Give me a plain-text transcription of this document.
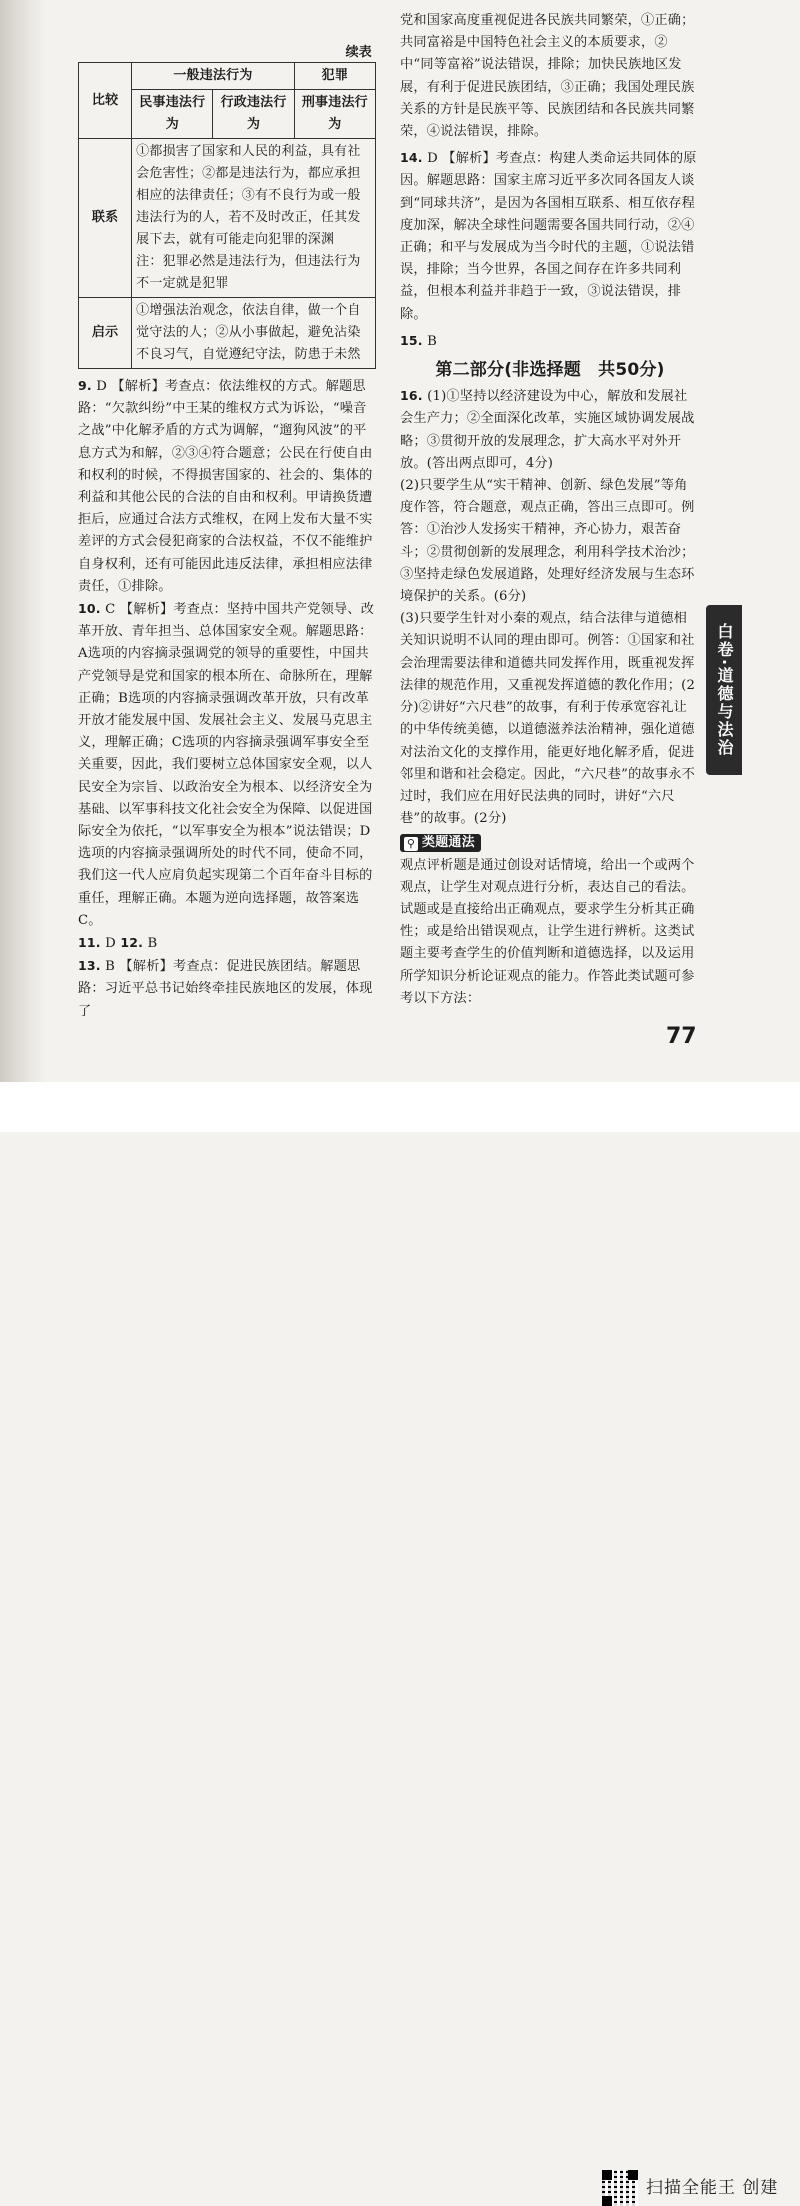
续表
比较	一般违法行为		犯罪
	民事违法行为	行政违法行为	刑事违法行为
联系	①都损害了国家和人民的利益，具有社会危害性；②都是违法行为，都应承担相应的法律责任；③有不良行为或一般违法行为的人，若不及时改正，任其发展下去，就有可能走向犯罪的深渊
注：犯罪必然是违法行为，但违法行为不一定就是犯罪		
启示	①增强法治观念，依法自律，做一个自觉守法的人；②从小事做起，避免沾染不良习气，自觉遵纪守法，防患于未然		

9. D 【解析】考查点：依法维权的方式。解题思路：“欠款纠纷”中王某的维权方式为诉讼，“噪音之战”中化解矛盾的方式为调解，“遛狗风波”的平息方式为和解，②③④符合题意；公民在行使自由和权利的时候，不得损害国家的、社会的、集体的利益和其他公民的合法的自由和权利。甲请换货遭拒后，应通过合法方式维权，在网上发布大量不实差评的方式会侵犯商家的合法权益，不仅不能维护自身权利，还有可能因此违反法律，承担相应法律责任，①排除。

10. C 【解析】考查点：坚持中国共产党领导、改革开放、青年担当、总体国家安全观。解题思路：A选项的内容摘录强调党的领导的重要性，中国共产党领导是党和国家的根本所在、命脉所在，理解正确；B选项的内容摘录强调改革开放，只有改革开放才能发展中国、发展社会主义、发展马克思主义，理解正确；C选项的内容摘录强调军事安全至关重要，因此，我们要树立总体国家安全观，以人民安全为宗旨、以政治安全为根本、以经济安全为基础、以军事科技文化社会安全为保障、以促进国际安全为依托，“以军事安全为根本”说法错误；D选项的内容摘录强调所处的时代不同，使命不同，我们这一代人应肩负起实现第二个百年奋斗目标的重任，理解正确。本题为逆向选择题，故答案选C。

11. D 12. B

13. B 【解析】考查点：促进民族团结。解题思路：习近平总书记始终牵挂民族地区的发展，体现了

党和国家高度重视促进各民族共同繁荣，①正确；共同富裕是中国特色社会主义的本质要求，②中“同等富裕”说法错误，排除；加快民族地区发展，有利于促进民族团结，③正确；我国处理民族关系的方针是民族平等、民族团结和各民族共同繁荣，④说法错误，排除。

14. D 【解析】考查点：构建人类命运共同体的原因。解题思路：国家主席习近平多次同各国友人谈到“同球共济”，是因为各国相互联系、相互依存程度加深，解决全球性问题需要各国共同行动，②④正确；和平与发展成为当今时代的主题，①说法错误，排除；当今世界，各国之间存在许多共同利益，但根本利益并非趋于一致，③说法错误，排除。

15. B

第二部分(非选择题　共50分)

16. (1)①坚持以经济建设为中心，解放和发展社会生产力；②全面深化改革，实施区域协调发展战略；③贯彻开放的发展理念，扩大高水平对外开放。(答出两点即可，4分)

(2)只要学生从“实干精神、创新、绿色发展”等角度作答，符合题意，观点正确，答出三点即可。例答：①治沙人发扬实干精神，齐心协力，艰苦奋斗；②贯彻创新的发展理念，利用科学技术治沙；③坚持走绿色发展道路，处理好经济发展与生态环境保护的关系。(6分)

(3)只要学生针对小秦的观点，结合法律与道德相关知识说明不认同的理由即可。例答：①国家和社会治理需要法律和道德共同发挥作用，既重视发挥法律的规范作用，又重视发挥道德的教化作用；(2分)②讲好“六尺巷”的故事，有利于传承宽容礼让的中华传统美德，以道德滋养法治精神，强化道德对法治文化的支撑作用，能更好地化解矛盾，促进邻里和谐和社会稳定。因此，“六尺巷”的故事永不过时，我们应在用好民法典的同时，讲好“六尺巷”的故事。(2分)

⚲ 类题通法

观点评析题是通过创设对话情境，给出一个或两个观点，让学生对观点进行分析，表达自己的看法。试题或是直接给出正确观点，要求学生分析其正确性；或是给出错误观点，让学生进行辨析。这类试题主要考查学生的价值判断和道德选择，以及运用所学知识分析论证观点的能力。作答此类试题可参考以下方法：

白卷·道德与法治
77
扫描全能王 创建
